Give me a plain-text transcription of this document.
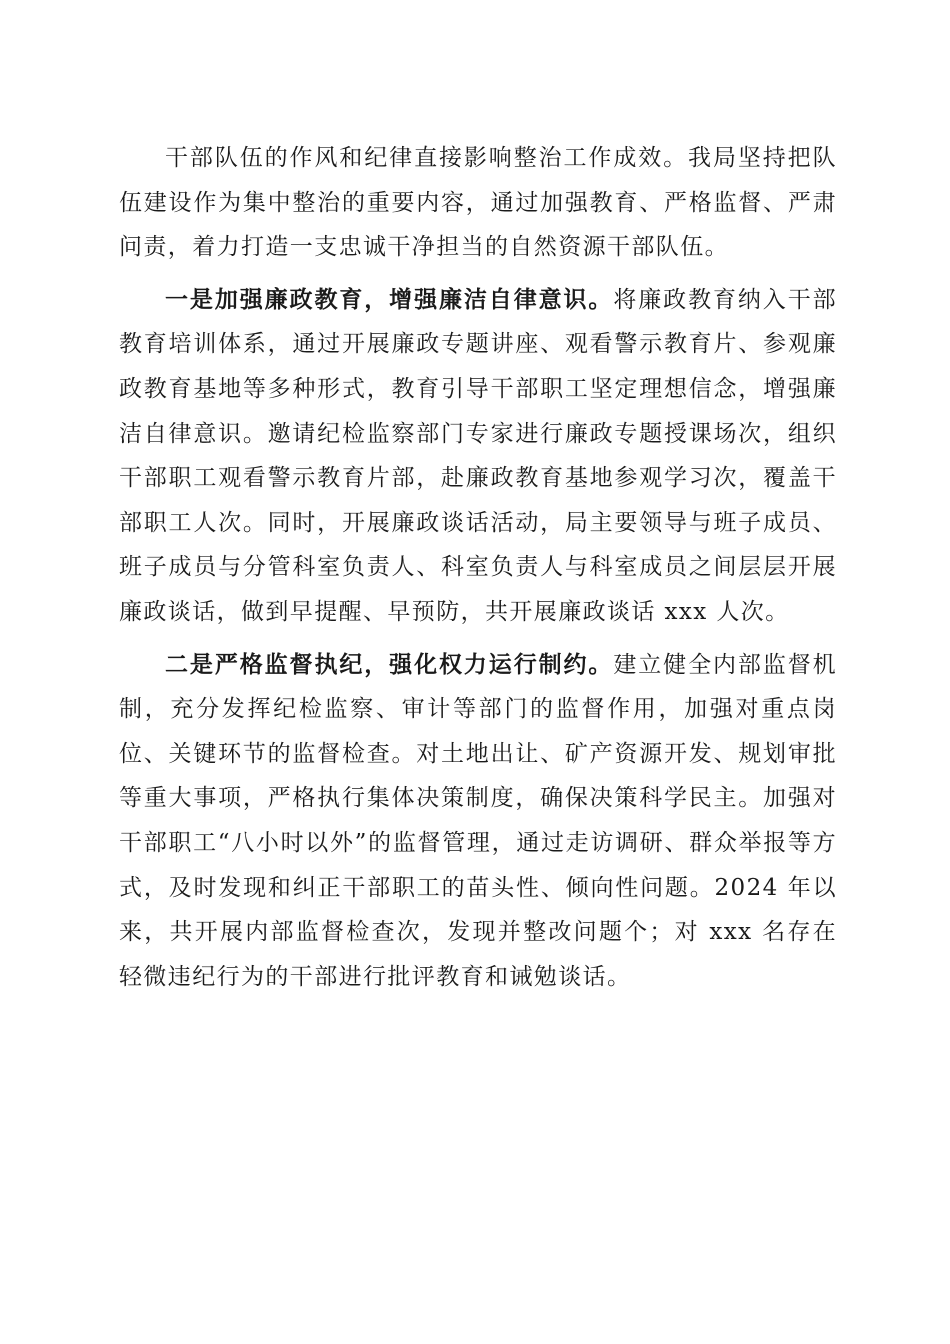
干部队伍的作风和纪律直接影响整治工作成效。我局坚持把队伍建设作为集中整治的重要内容，通过加强教育、严格监督、严肃问责，着力打造一支忠诚干净担当的自然资源干部队伍。

一是加强廉政教育，增强廉洁自律意识。将廉政教育纳入干部教育培训体系，通过开展廉政专题讲座、观看警示教育片、参观廉政教育基地等多种形式，教育引导干部职工坚定理想信念，增强廉洁自律意识。邀请纪检监察部门专家进行廉政专题授课场次，组织干部职工观看警示教育片部，赴廉政教育基地参观学习次，覆盖干部职工人次。同时，开展廉政谈话活动，局主要领导与班子成员、班子成员与分管科室负责人、科室负责人与科室成员之间层层开展廉政谈话，做到早提醒、早预防，共开展廉政谈话 xxx 人次。

二是严格监督执纪，强化权力运行制约。建立健全内部监督机制，充分发挥纪检监察、审计等部门的监督作用，加强对重点岗位、关键环节的监督检查。对土地出让、矿产资源开发、规划审批等重大事项，严格执行集体决策制度，确保决策科学民主。加强对干部职工“八小时以外”的监督管理，通过走访调研、群众举报等方式，及时发现和纠正干部职工的苗头性、倾向性问题。2024 年以来，共开展内部监督检查次，发现并整改问题个；对 xxx 名存在轻微违纪行为的干部进行批评教育和诫勉谈话。
